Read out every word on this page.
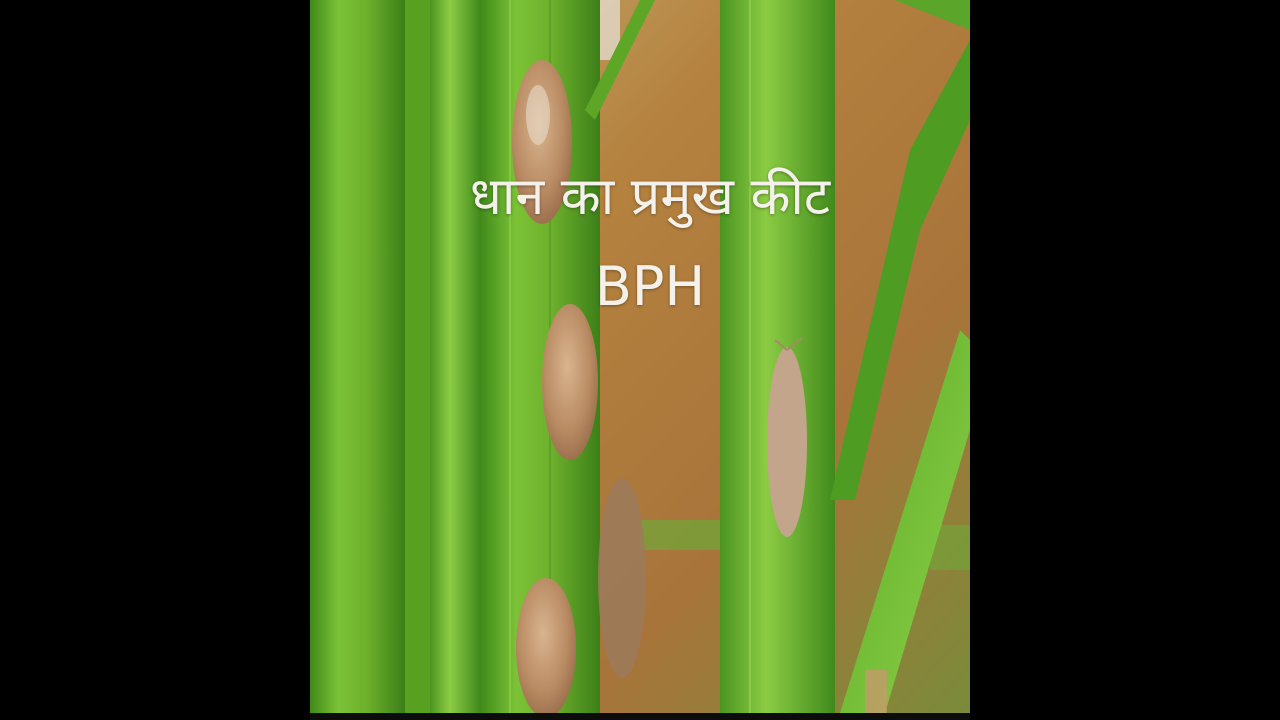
धान का प्रमुख कीट
BPH
